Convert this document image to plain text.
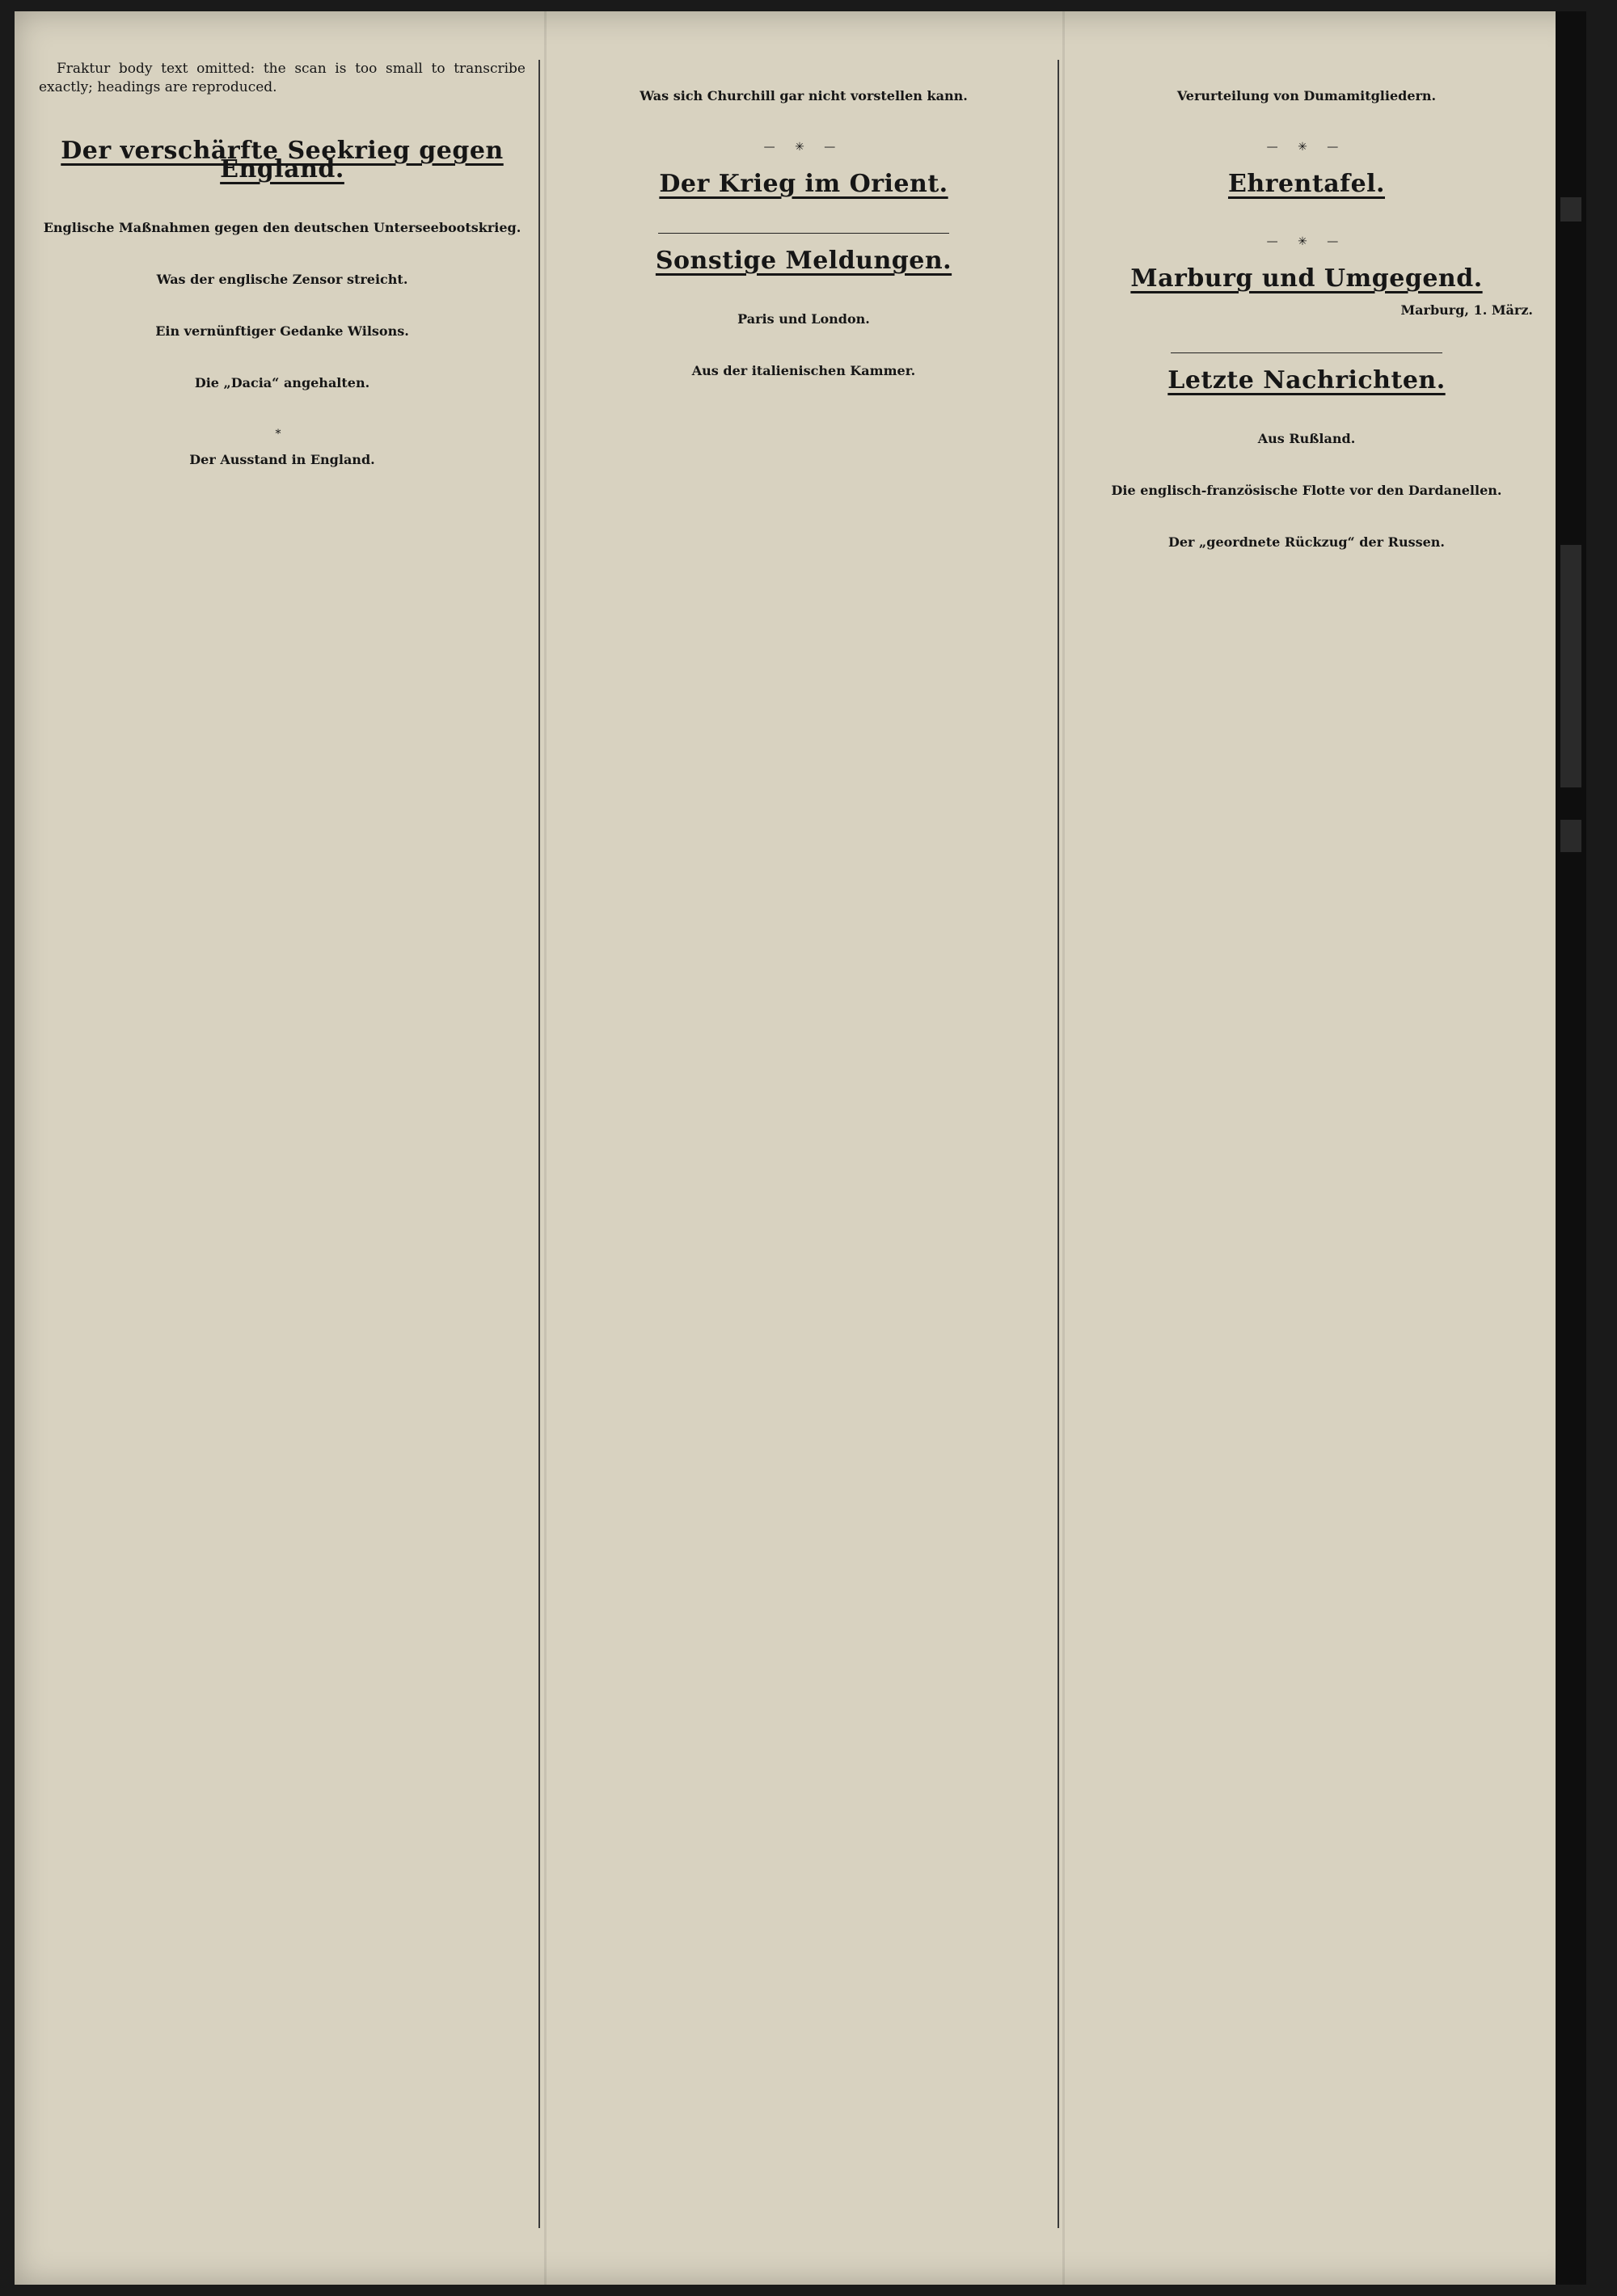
Fraktur body text omitted: the scan is too small to transcribe exactly; headings are reproduced.

Der verschärfte Seekrieg gegen England.

Englische Maßnahmen gegen den deutschen Unterseebootskrieg.

Was der englische Zensor streicht.

Ein vernünftiger Gedanke Wilsons.

Die „Dacia“ angehalten.

*
Der Ausstand in England.

Was sich Churchill gar nicht vorstellen kann.

— ✳ —
Der Krieg im Orient.

Sonstige Meldungen.

Paris und London.

Aus der italienischen Kammer.

Verurteilung von Dumamitgliedern.

— ✳ —
Ehrentafel.

— ✳ —
Marburg und Umgegend.
Marburg, 1. März.

Letzte Nachrichten.

Aus Rußland.

Die englisch-französische Flotte vor den Dardanellen.

Der „geordnete Rückzug“ der Russen.
